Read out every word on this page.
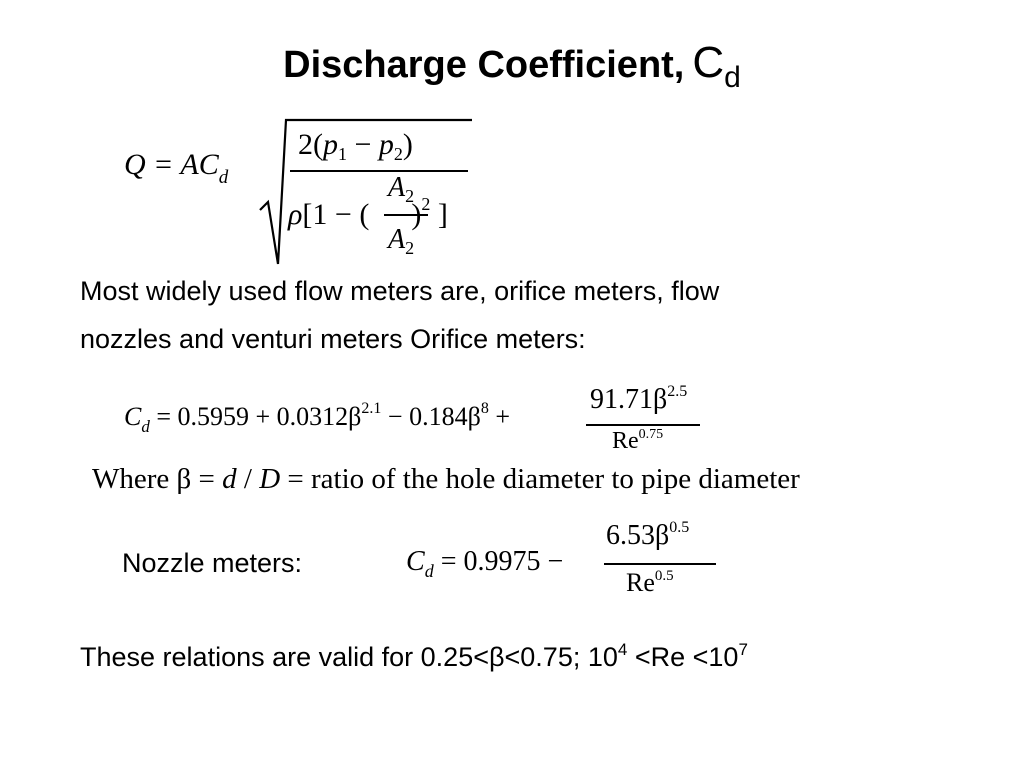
Discharge Coefficient, Cd
$Q = AC_d$
$2(p_1 - p_2)$
ρ[1 − (	$^2$ ]
$A_2$
$A_2$
Most widely used flow meters are, orifice meters, flow
nozzles and venturi meters Orifice meters:
$C_d = 0.5959 + 0.0312\beta^{2.1} - 0.184\beta^8$ +
$91.71\beta^{2.5}$
$Re^{0.75}$
Where β = d / D = ratio of the hole diameter to pipe diameter
Nozzle meters:	$C_d = 0.9975$ −
$6.53\beta^{0.5}$
$Re^{0.5}$
These relations are valid for 0.25<β<0.75; $10^4 <Re <10^7$
